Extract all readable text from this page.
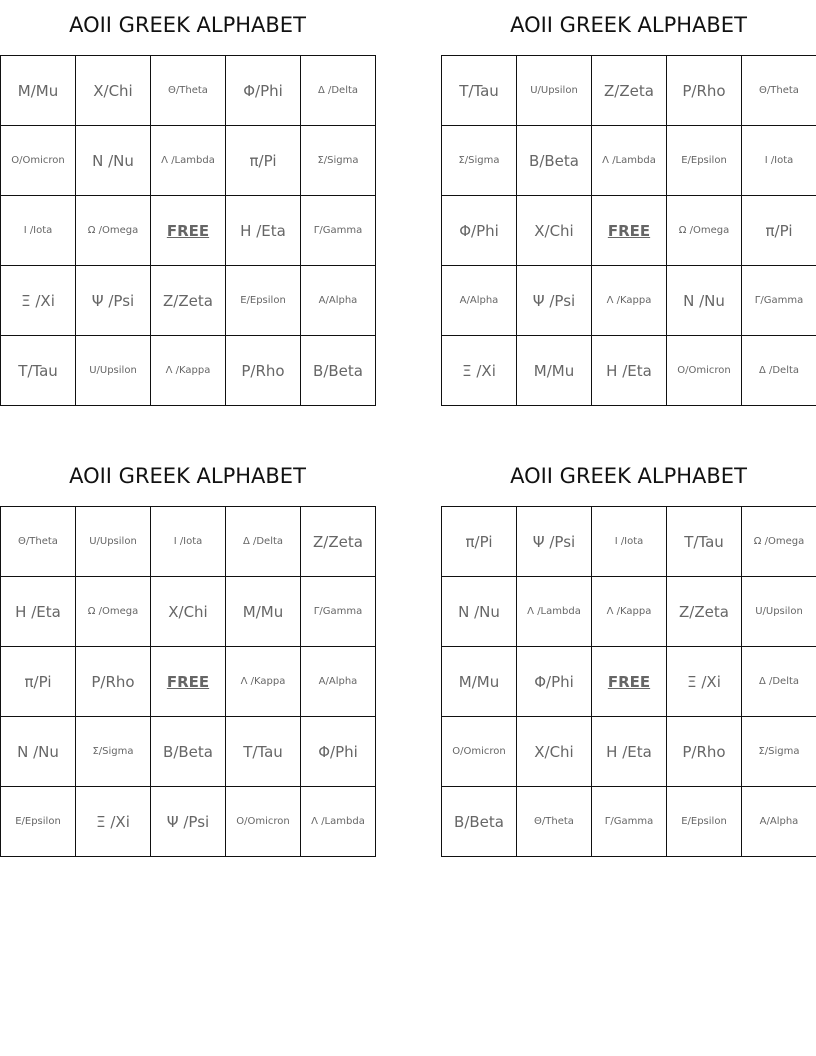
AOII GREEK ALPHABET
M/Mu	X/Chi	Θ/Theta	Φ/Phi	Δ /Delta
O/Omicron	N /Nu	Λ /Lambda	π/Pi	Σ/Sigma
I /Iota	Ω /Omega	FREE	H /Eta	Γ/Gamma
Ξ /Xi	Ψ /Psi	Z/Zeta	E/Epsilon	A/Alpha
T/Tau	U/Upsilon	Λ /Kappa	P/Rho	B/Beta
AOII GREEK ALPHABET
T/Tau	U/Upsilon	Z/Zeta	P/Rho	Θ/Theta
Σ/Sigma	B/Beta	Λ /Lambda	E/Epsilon	I /Iota
Φ/Phi	X/Chi	FREE	Ω /Omega	π/Pi
A/Alpha	Ψ /Psi	Λ /Kappa	N /Nu	Γ/Gamma
Ξ /Xi	M/Mu	H /Eta	O/Omicron	Δ /Delta
AOII GREEK ALPHABET
Θ/Theta	U/Upsilon	I /Iota	Δ /Delta	Z/Zeta
H /Eta	Ω /Omega	X/Chi	M/Mu	Γ/Gamma
π/Pi	P/Rho	FREE	Λ /Kappa	A/Alpha
N /Nu	Σ/Sigma	B/Beta	T/Tau	Φ/Phi
E/Epsilon	Ξ /Xi	Ψ /Psi	O/Omicron	Λ /Lambda
AOII GREEK ALPHABET
π/Pi	Ψ /Psi	I /Iota	T/Tau	Ω /Omega
N /Nu	Λ /Lambda	Λ /Kappa	Z/Zeta	U/Upsilon
M/Mu	Φ/Phi	FREE	Ξ /Xi	Δ /Delta
O/Omicron	X/Chi	H /Eta	P/Rho	Σ/Sigma
B/Beta	Θ/Theta	Γ/Gamma	E/Epsilon	A/Alpha
